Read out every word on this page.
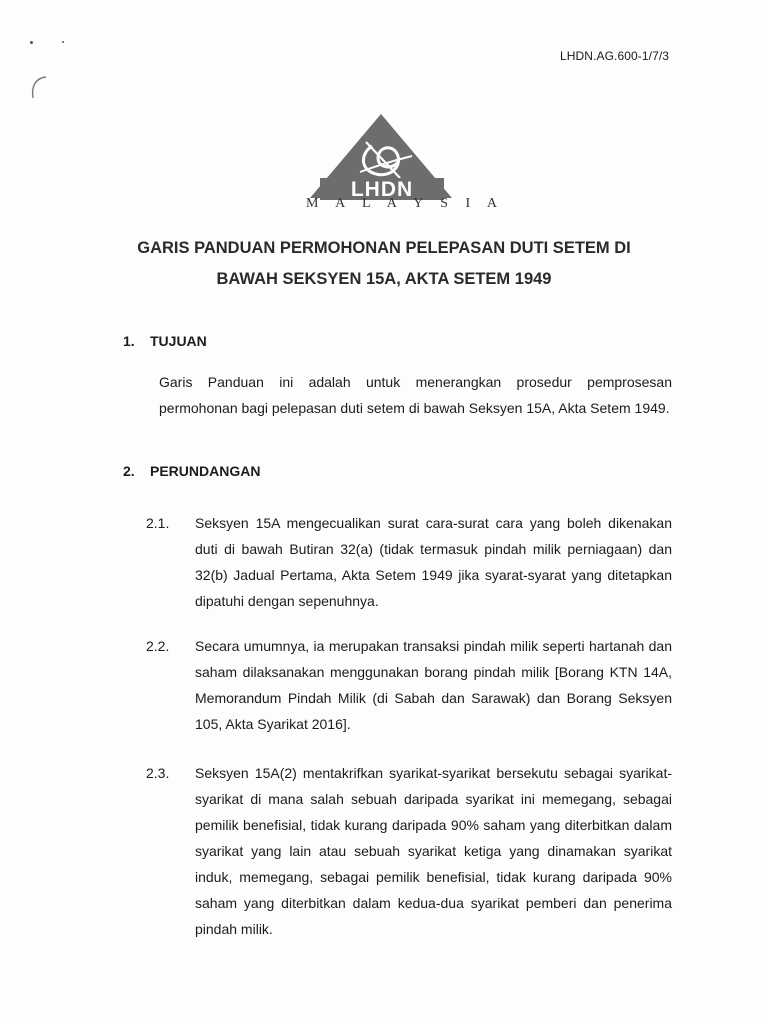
LHDN.AG.600-1/7/3
LHDN
M A L A Y S I A
GARIS PANDUAN PERMOHONAN PELEPASAN DUTI SETEM DI
BAWAH SEKSYEN 15A, AKTA SETEM 1949
1. TUJUAN
Garis Panduan ini adalah untuk menerangkan prosedur pemprosesan permohonan bagi pelepasan duti setem di bawah Seksyen 15A, Akta Setem 1949.
2. PERUNDANGAN
2.1. Seksyen 15A mengecualikan surat cara-surat cara yang boleh dikenakan duti di bawah Butiran 32(a) (tidak termasuk pindah milik perniagaan) dan 32(b) Jadual Pertama, Akta Setem 1949 jika syarat-syarat yang ditetapkan dipatuhi dengan sepenuhnya.
2.2. Secara umumnya, ia merupakan transaksi pindah milik seperti hartanah dan saham dilaksanakan menggunakan borang pindah milik [Borang KTN 14A, Memorandum Pindah Milik (di Sabah dan Sarawak) dan Borang Seksyen 105, Akta Syarikat 2016].
2.3. Seksyen 15A(2) mentakrifkan syarikat-syarikat bersekutu sebagai syarikat-syarikat di mana salah sebuah daripada syarikat ini memegang, sebagai pemilik benefisial, tidak kurang daripada 90% saham yang diterbitkan dalam syarikat yang lain atau sebuah syarikat ketiga yang dinamakan syarikat induk, memegang, sebagai pemilik benefisial, tidak kurang daripada 90% saham yang diterbitkan dalam kedua-dua syarikat pemberi dan penerima pindah milik.
